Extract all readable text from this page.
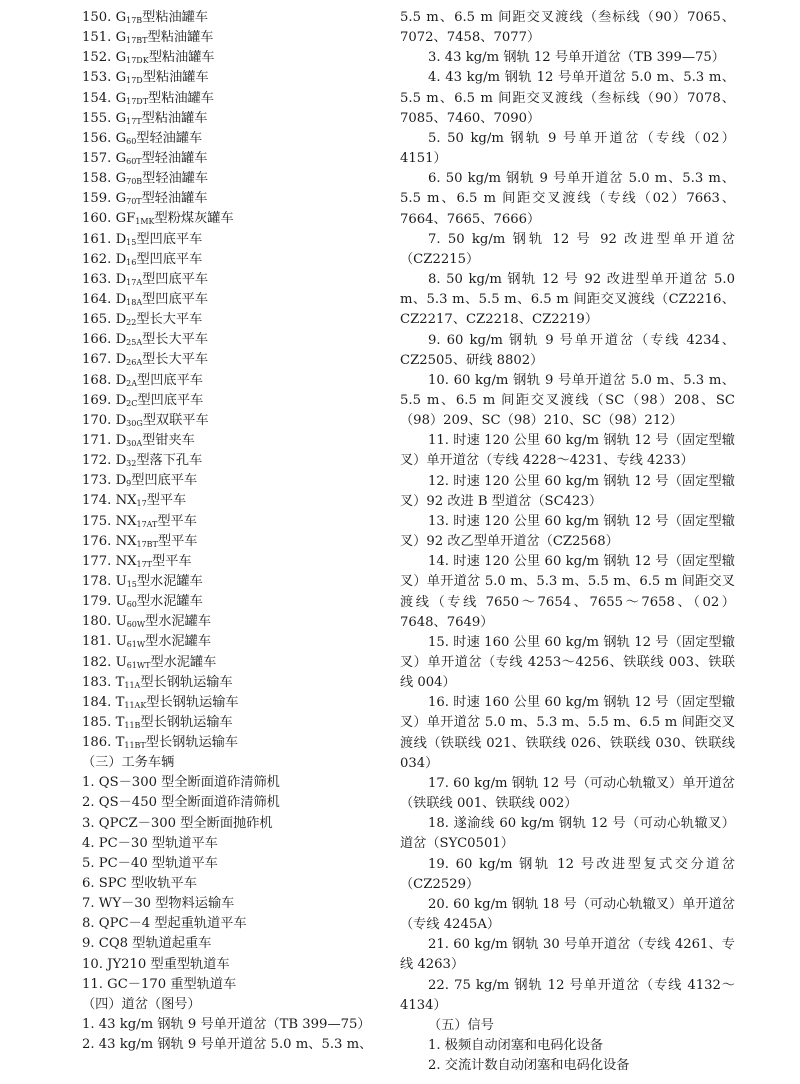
150. $G_{17B}$型粘油罐车
151. $G_{17BT}$型粘油罐车
152. $G_{17DK}$型粘油罐车
153. $G_{17D}$型粘油罐车
154. $G_{17DT}$型粘油罐车
155. $G_{17T}$型粘油罐车
156. $G_{60}$型轻油罐车
157. $G_{60T}$型轻油罐车
158. $G_{70B}$型轻油罐车
159. $G_{70T}$型轻油罐车
160. $GF_{1MK}$型粉煤灰罐车
161. $D_{15}$型凹底平车
162. $D_{16}$型凹底平车
163. $D_{17A}$型凹底平车
164. $D_{18A}$型凹底平车
165. $D_{22}$型长大平车
166. $D_{25A}$型长大平车
167. $D_{26A}$型长大平车
168. $D_{2A}$型凹底平车
169. $D_{2C}$型凹底平车
170. $D_{30G}$型双联平车
171. $D_{30A}$型钳夹车
172. $D_{32}$型落下孔车
173. $D_9$型凹底平车
174. $NX_{17}$型平车
175. $NX_{17AT}$型平车
176. $NX_{17BT}$型平车
177. $NX_{17T}$型平车
178. $U_{15}$型水泥罐车
179. $U_{60}$型水泥罐车
180. $U_{60W}$型水泥罐车
181. $U_{61W}$型水泥罐车
182. $U_{61WT}$型水泥罐车
183. $T_{11A}$型长钢轨运输车
184. $T_{11AK}$型长钢轨运输车
185. $T_{11B}$型长钢轨运输车
186. $T_{11BT}$型长钢轨运输车
（三）工务车辆
1. QS－300 型全断面道砟清筛机
2. QS－450 型全断面道砟清筛机
3. QPCZ－300 型全断面抛砟机
4. PC－30 型轨道平车
5. PC－40 型轨道平车
6. SPC 型收轨平车
7. WY－30 型物料运输车
8. QPC－4 型起重轨道平车
9. CQ8 型轨道起重车
10. JY210 型重型轨道车
11. GC－170 重型轨道车
（四）道岔（图号）
1. 43 kg/m 钢轨 9 号单开道岔（TB 399—75）
2. 43 kg/m 钢轨 9 号单开道岔 5.0 m、5.3 m、
5.5 m、6.5 m 间距交叉渡线（叁标线（90）7065、7072、7458、7077）
3. 43 kg/m 钢轨 12 号单开道岔（TB 399—75）
4. 43 kg/m 钢轨 12 号单开道岔 5.0 m、5.3 m、5.5 m、6.5 m 间距交叉渡线（叁标线（90）7078、7085、7460、7090）
5. 50 kg/m 钢轨 9 号单开道岔（专线（02）4151）
6. 50 kg/m 钢轨 9 号单开道岔 5.0 m、5.3 m、5.5 m、6.5 m 间距交叉渡线（专线（02）7663、7664、7665、7666）
7. 50 kg/m 钢轨 12 号 92 改进型单开道岔（CZ2215）
8. 50 kg/m 钢轨 12 号 92 改进型单开道岔 5.0 m、5.3 m、5.5 m、6.5 m 间距交叉渡线（CZ2216、CZ2217、CZ2218、CZ2219）
9. 60 kg/m 钢轨 9 号单开道岔（专线 4234、CZ2505、研线 8802）
10. 60 kg/m 钢轨 9 号单开道岔 5.0 m、5.3 m、5.5 m、6.5 m 间距交叉渡线（SC（98）208、SC（98）209、SC（98）210、SC（98）212）
11. 时速 120 公里 60 kg/m 钢轨 12 号（固定型辙叉）单开道岔（专线 4228～4231、专线 4233）
12. 时速 120 公里 60 kg/m 钢轨 12 号（固定型辙叉）92 改进 B 型道岔（SC423）
13. 时速 120 公里 60 kg/m 钢轨 12 号（固定型辙叉）92 改乙型单开道岔（CZ2568）
14. 时速 120 公里 60 kg/m 钢轨 12 号（固定型辙叉）单开道岔 5.0 m、5.3 m、5.5 m、6.5 m 间距交叉渡线（专线 7650～7654、7655～7658、（02）7648、7649）
15. 时速 160 公里 60 kg/m 钢轨 12 号（固定型辙叉）单开道岔（专线 4253～4256、铁联线 003、铁联线 004）
16. 时速 160 公里 60 kg/m 钢轨 12 号（固定型辙叉）单开道岔 5.0 m、5.3 m、5.5 m、6.5 m 间距交叉渡线（铁联线 021、铁联线 026、铁联线 030、铁联线 034）
17. 60 kg/m 钢轨 12 号（可动心轨辙叉）单开道岔（铁联线 001、铁联线 002）
18. 遂渝线 60 kg/m 钢轨 12 号（可动心轨辙叉）道岔（SYC0501）
19. 60 kg/m 钢轨 12 号改进型复式交分道岔（CZ2529）
20. 60 kg/m 钢轨 18 号（可动心轨辙叉）单开道岔（专线 4245A）
21. 60 kg/m 钢轨 30 号单开道岔（专线 4261、专线 4263）
22. 75 kg/m 钢轨 12 号单开道岔（专线 4132～4134）
（五）信号
1. 极频自动闭塞和电码化设备
2. 交流计数自动闭塞和电码化设备
